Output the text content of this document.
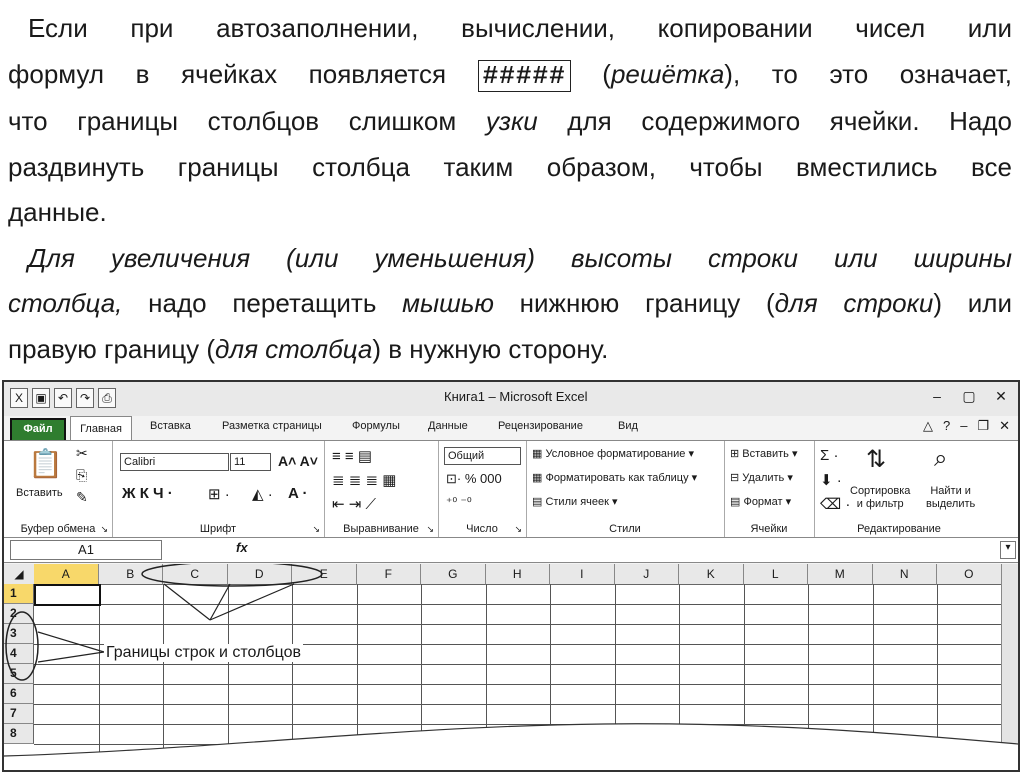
Если при автозаполнении, вычислении, копировании чисел или

формул в ячейках появляется ##### (решётка), то это означает,
что границы столбцов слишком узки для содержимого ячейки. Надо
раздвинуть границы столбца таким образом, чтобы вместились все
данные.

Для увеличения (или уменьшения) высоты строки или ширины

столбца, надо перетащить мышью нижнюю границу (для строки) или
правую границу (для столбца) в нужную сторону.

X	▣ ↶ ↷	⎙	Книга1 – Microsoft Excel	–	▢ ✕
Файл	Главная	Вставка	Разметка страницы	Формулы	Данные	Рецензирование	Вид	△ ? – ❐ ✕
📋
Вставить
✂
⎘
✎
Буфер обмена ↘
Calibri	11	A˄ A˅
Ж К Ч · ⊞ · ◭ · A ·
Шрифт	↘
≡ ≡ ▤
≣ ≣ ≣ ▦
⇤ ⇥ ⟋
Выравнивание ↘
Общий
⊡· % 000
⁺⁰ ⁻⁰
Число	↘
▦ Условное форматирование ▾
▦ Форматировать как таблицу ▾
▤ Стили ячеек ▾
Стили
⊞ Вставить ▾
⊟ Удалить ▾
▤ Формат ▾
Ячейки
Σ ·
⬇ ·
⌫ ·
⇅
Сортировка
и фильтр
⌕
Найти и
выделить
Редактирование
A1	fx	▾
◢	A	B	C	D	E	F	G	H	I	J	K	L	M	N	O
1
2
3
4
5
6
7
8
Границы строк и столбцов
